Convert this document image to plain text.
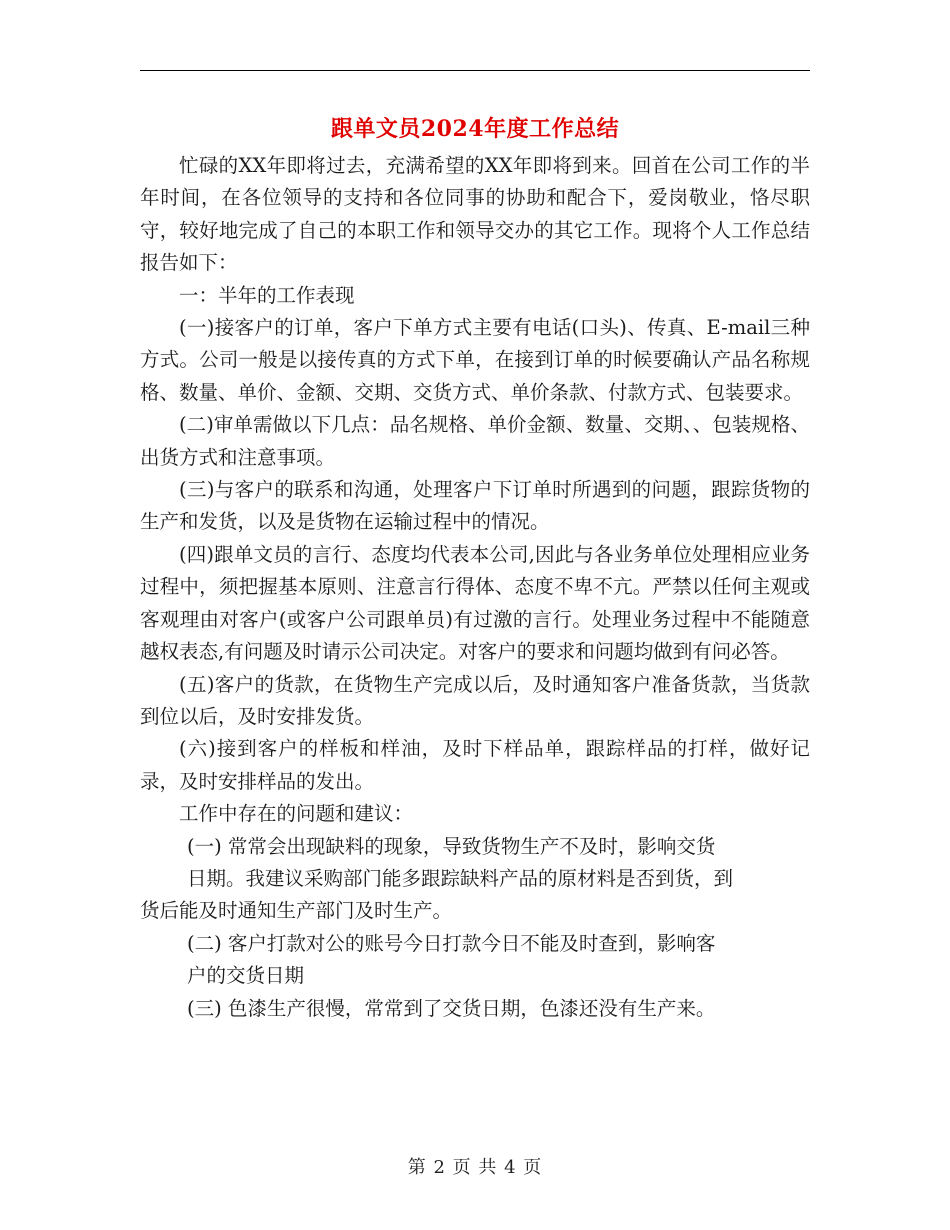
跟单文员2024年度工作总结

忙碌的XX年即将过去，充满希望的XX年即将到来。回首在公司工作的半年时间，在各位领导的支持和各位同事的协助和配合下，爱岗敬业，恪尽职守，较好地完成了自己的本职工作和领导交办的其它工作。现将个人工作总结报告如下：

一：半年的工作表现

(一)接客户的订单，客户下单方式主要有电话(口头)、传真、E-mail三种方式。公司一般是以接传真的方式下单，在接到订单的时候要确认产品名称规格、数量、单价、金额、交期、交货方式、单价条款、付款方式、包装要求。

(二)审单需做以下几点：品名规格、单价金额、数量、交期、、包装规格、出货方式和注意事项。

(三)与客户的联系和沟通，处理客户下订单时所遇到的问题，跟踪货物的生产和发货，以及是货物在运输过程中的情况。

(四)跟单文员的言行、态度均代表本公司,因此与各业务单位处理相应业务过程中，须把握基本原则、注意言行得体、态度不卑不亢。严禁以任何主观或客观理由对客户(或客户公司跟单员)有过激的言行。处理业务过程中不能随意越权表态,有问题及时请示公司决定。对客户的要求和问题均做到有问必答。

(五)客户的货款，在货物生产完成以后，及时通知客户准备货款，当货款到位以后，及时安排发货。

(六)接到客户的样板和样油，及时下样品单，跟踪样品的打样，做好记录，及时安排样品的发出。

工作中存在的问题和建议：

(一) 常常会出现缺料的现象，导致货物生产不及时，影响交货
日期。我建议采购部门能多跟踪缺料产品的原材料是否到货，到
货后能及时通知生产部门及时生产。
(二) 客户打款对公的账号今日打款今日不能及时查到，影响客
户的交货日期
(三) 色漆生产很慢，常常到了交货日期，色漆还没有生产来。
第 2 页 共 4 页
